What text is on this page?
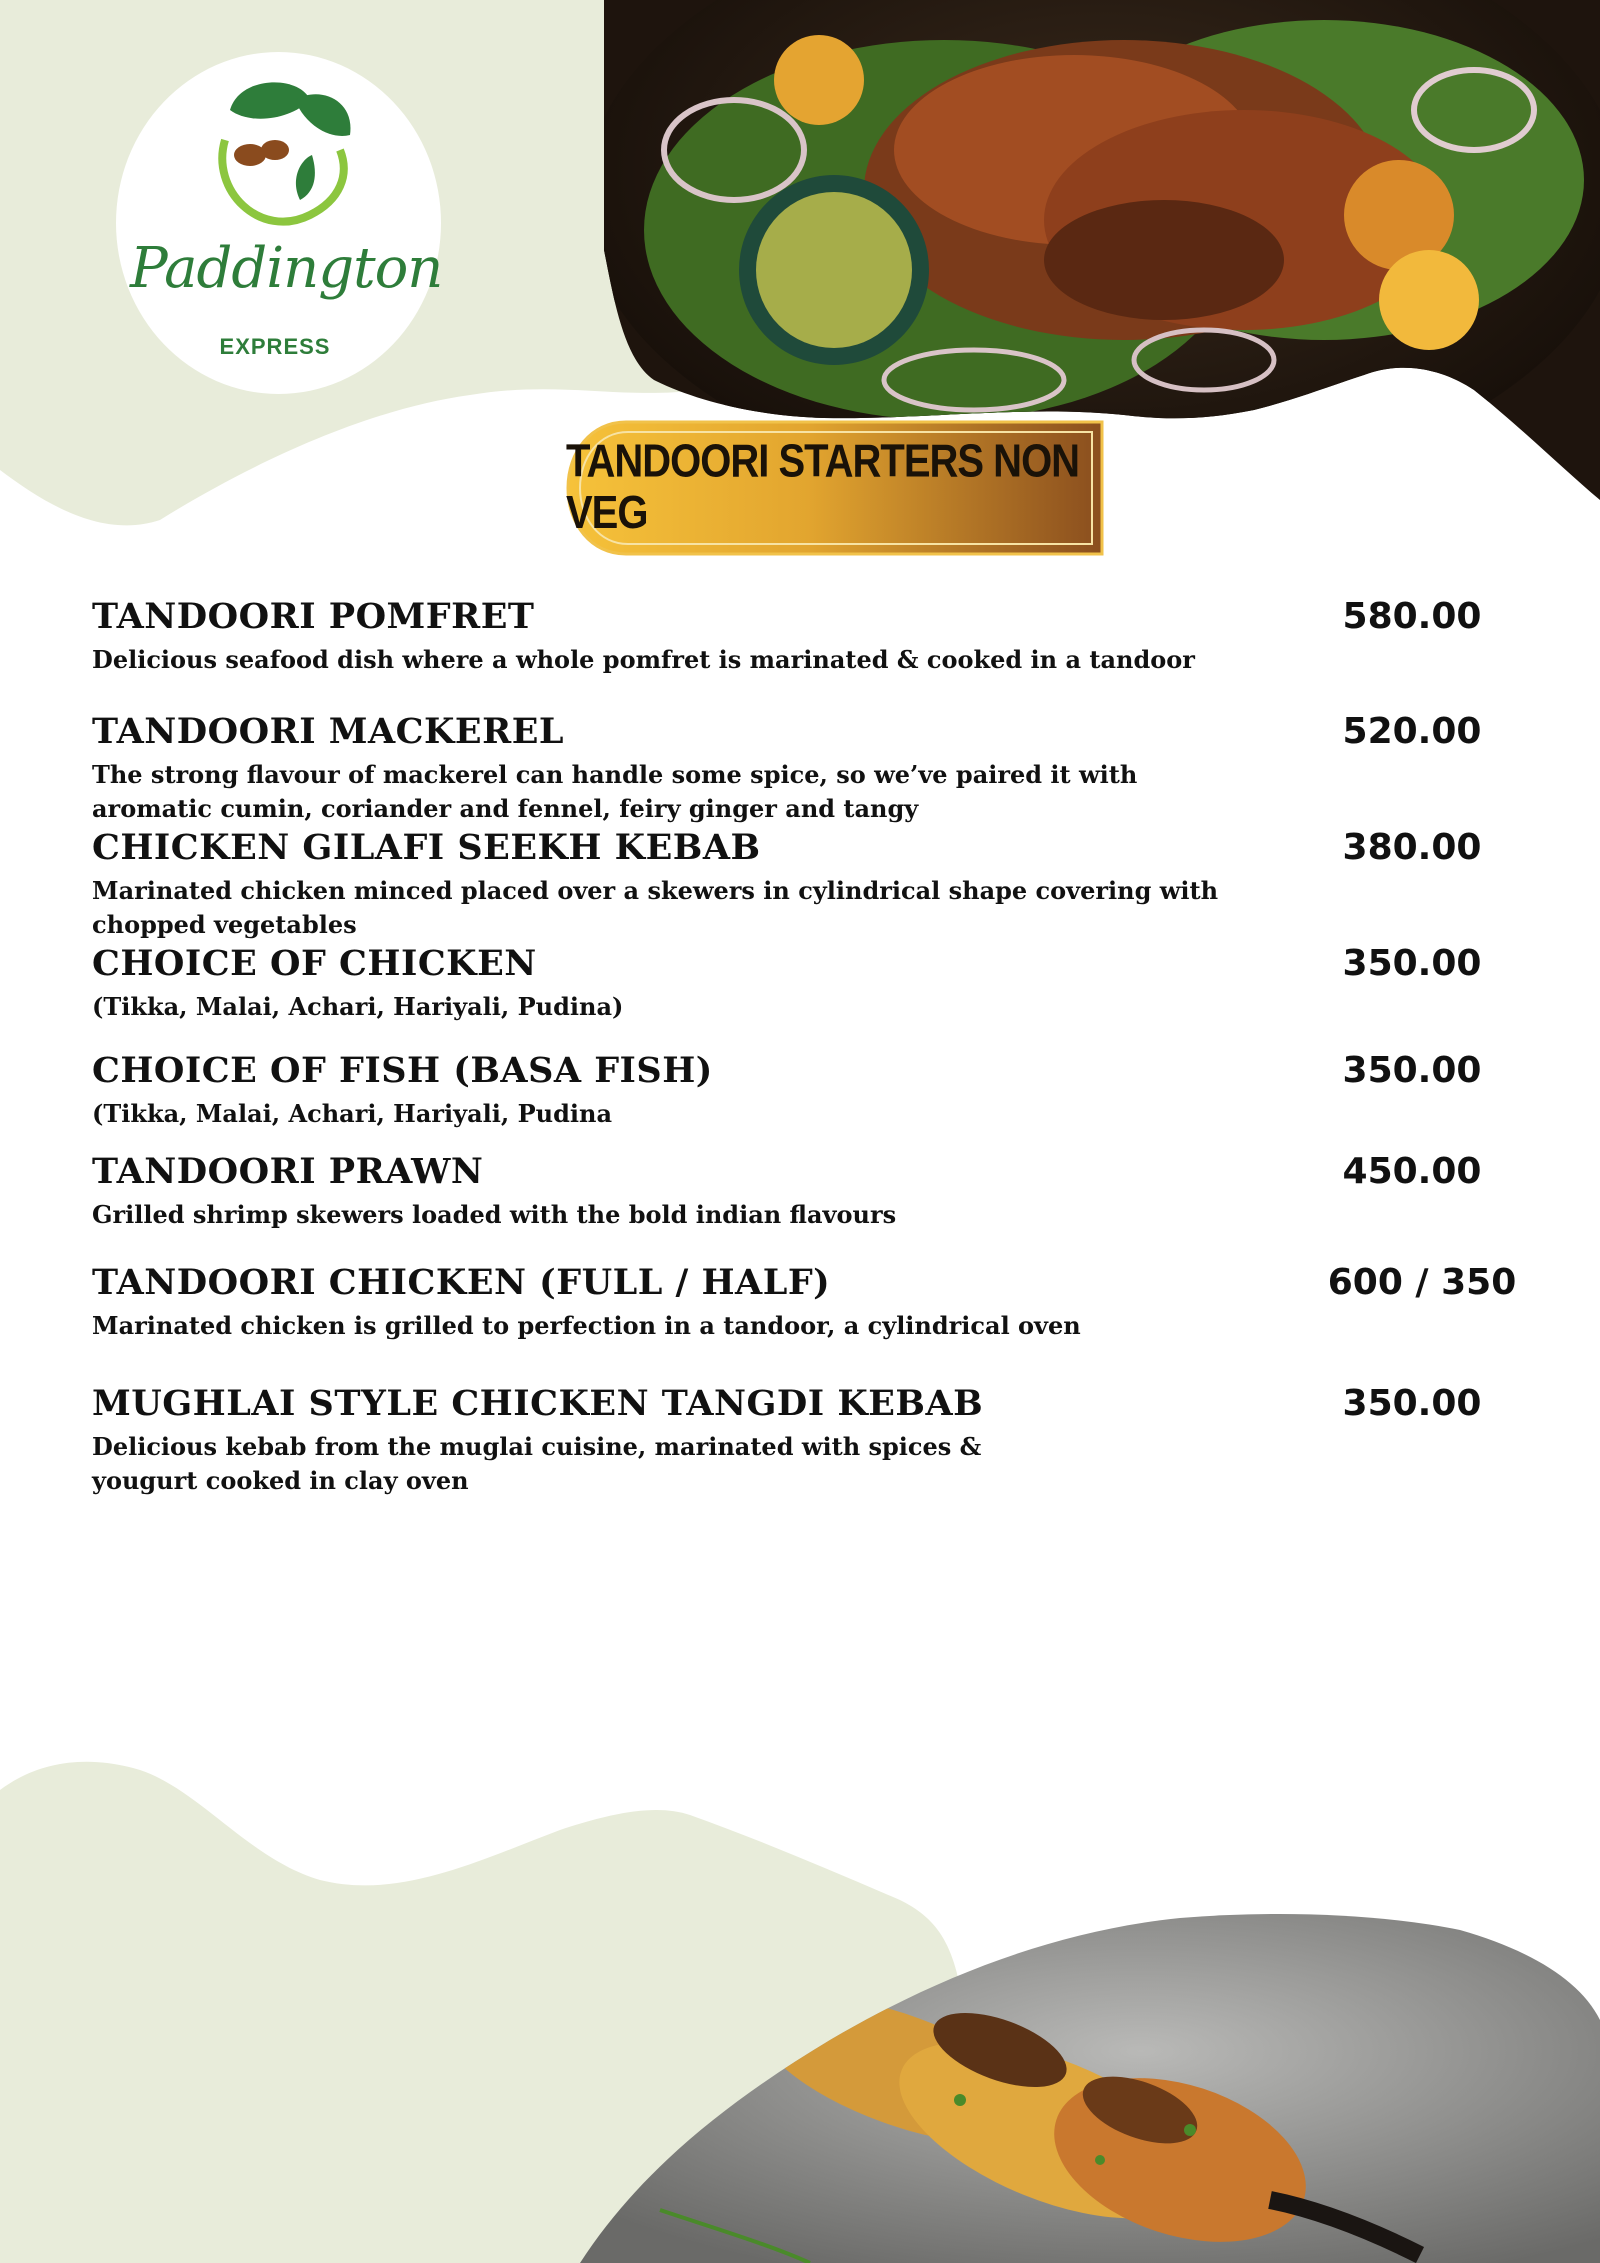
Paddington
EXPRESS
TANDOORI STARTERS NON VEG
TANDOORI POMFRET
Delicious seafood dish where a whole pomfret is marinated & cooked in a tandoor
580.00
TANDOORI MACKEREL
The strong flavour of mackerel can handle some spice, so we’ve paired it with aromatic cumin, coriander and fennel, feiry ginger and tangy
520.00
CHICKEN GILAFI SEEKH KEBAB
Marinated chicken minced placed over a skewers in cylindrical shape covering with chopped vegetables
380.00
CHOICE OF CHICKEN
(Tikka, Malai, Achari, Hariyali, Pudina)
350.00
CHOICE OF FISH (BASA FISH)
(Tikka, Malai, Achari, Hariyali, Pudina
350.00
TANDOORI PRAWN
Grilled shrimp skewers loaded with the bold indian flavours
450.00
TANDOORI CHICKEN (FULL / HALF)
Marinated chicken is grilled to perfection in a tandoor, a cylindrical oven
600 / 350
MUGHLAI STYLE CHICKEN TANGDI KEBAB
Delicious kebab from the muglai cuisine, marinated with spices & yougurt cooked in clay oven
350.00
